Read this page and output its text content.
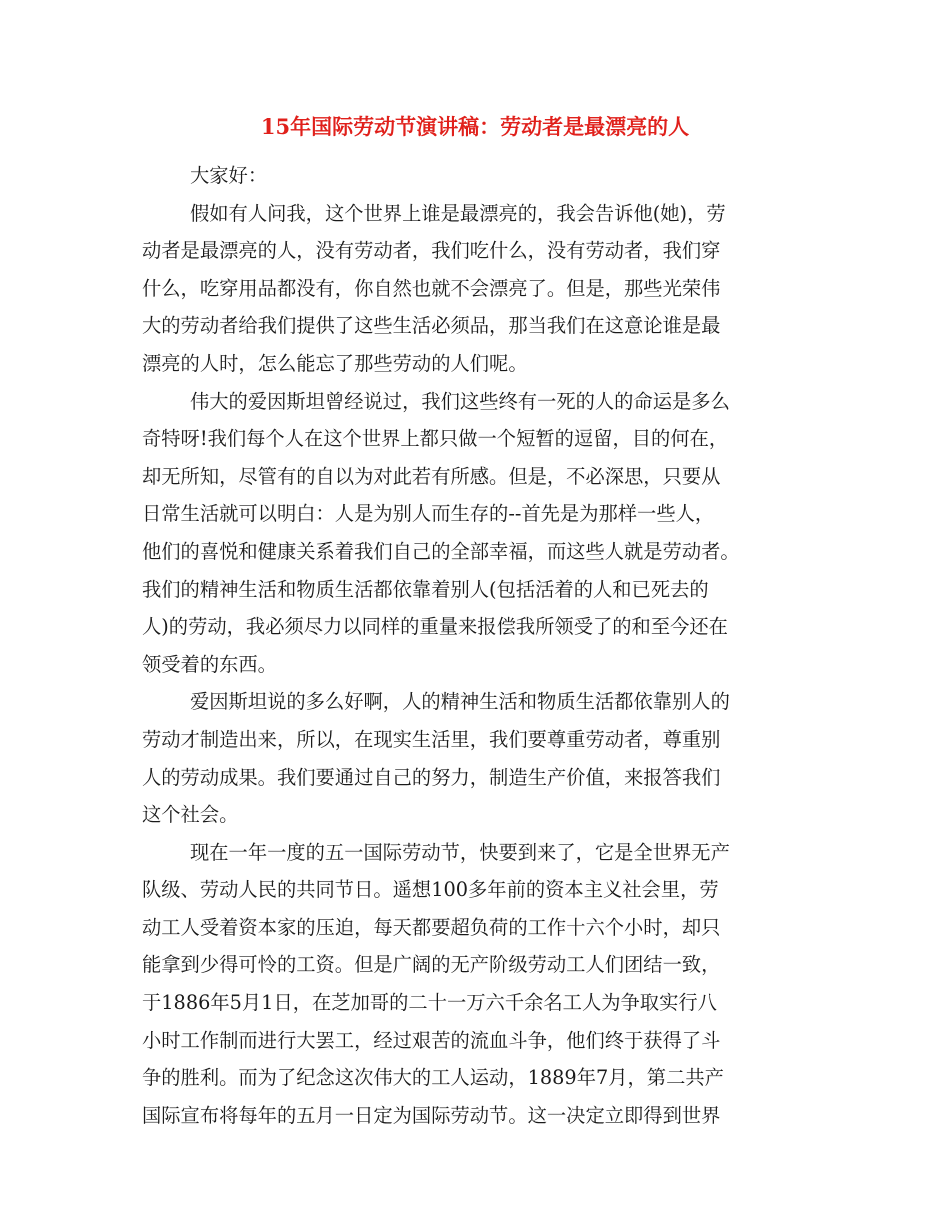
15年国际劳动节演讲稿：劳动者是最漂亮的人
大家好：
假如有人问我，这个世界上谁是最漂亮的，我会告诉他(她)，劳
动者是最漂亮的人，没有劳动者，我们吃什么，没有劳动者，我们穿
什么，吃穿用品都没有，你自然也就不会漂亮了。但是，那些光荣伟
大的劳动者给我们提供了这些生活必须品，那当我们在这意论谁是最
漂亮的人时，怎么能忘了那些劳动的人们呢。
伟大的爱因斯坦曾经说过，我们这些终有一死的人的命运是多么
奇特呀!我们每个人在这个世界上都只做一个短暂的逗留，目的何在，
却无所知，尽管有的自以为对此若有所感。但是，不必深思，只要从
日常生活就可以明白：人是为别人而生存的--首先是为那样一些人，
他们的喜悦和健康关系着我们自己的全部幸福，而这些人就是劳动者。
我们的精神生活和物质生活都依靠着别人(包括活着的人和已死去的
人)的劳动，我必须尽力以同样的重量来报偿我所领受了的和至今还在
领受着的东西。
爱因斯坦说的多么好啊，人的精神生活和物质生活都依靠别人的
劳动才制造出来，所以，在现实生活里，我们要尊重劳动者，尊重别
人的劳动成果。我们要通过自己的努力，制造生产价值，来报答我们
这个社会。
现在一年一度的五一国际劳动节，快要到来了，它是全世界无产
队级、劳动人民的共同节日。遥想100多年前的资本主义社会里，劳
动工人受着资本家的压迫，每天都要超负荷的工作十六个小时，却只
能拿到少得可怜的工资。但是广阔的无产阶级劳动工人们团结一致，
于1886年5月1日，在芝加哥的二十一万六千余名工人为争取实行八
小时工作制而进行大罢工，经过艰苦的流血斗争，他们终于获得了斗
争的胜利。而为了纪念这次伟大的工人运动，1889年7月，第二共产
国际宣布将每年的五月一日定为国际劳动节。这一决定立即得到世界
